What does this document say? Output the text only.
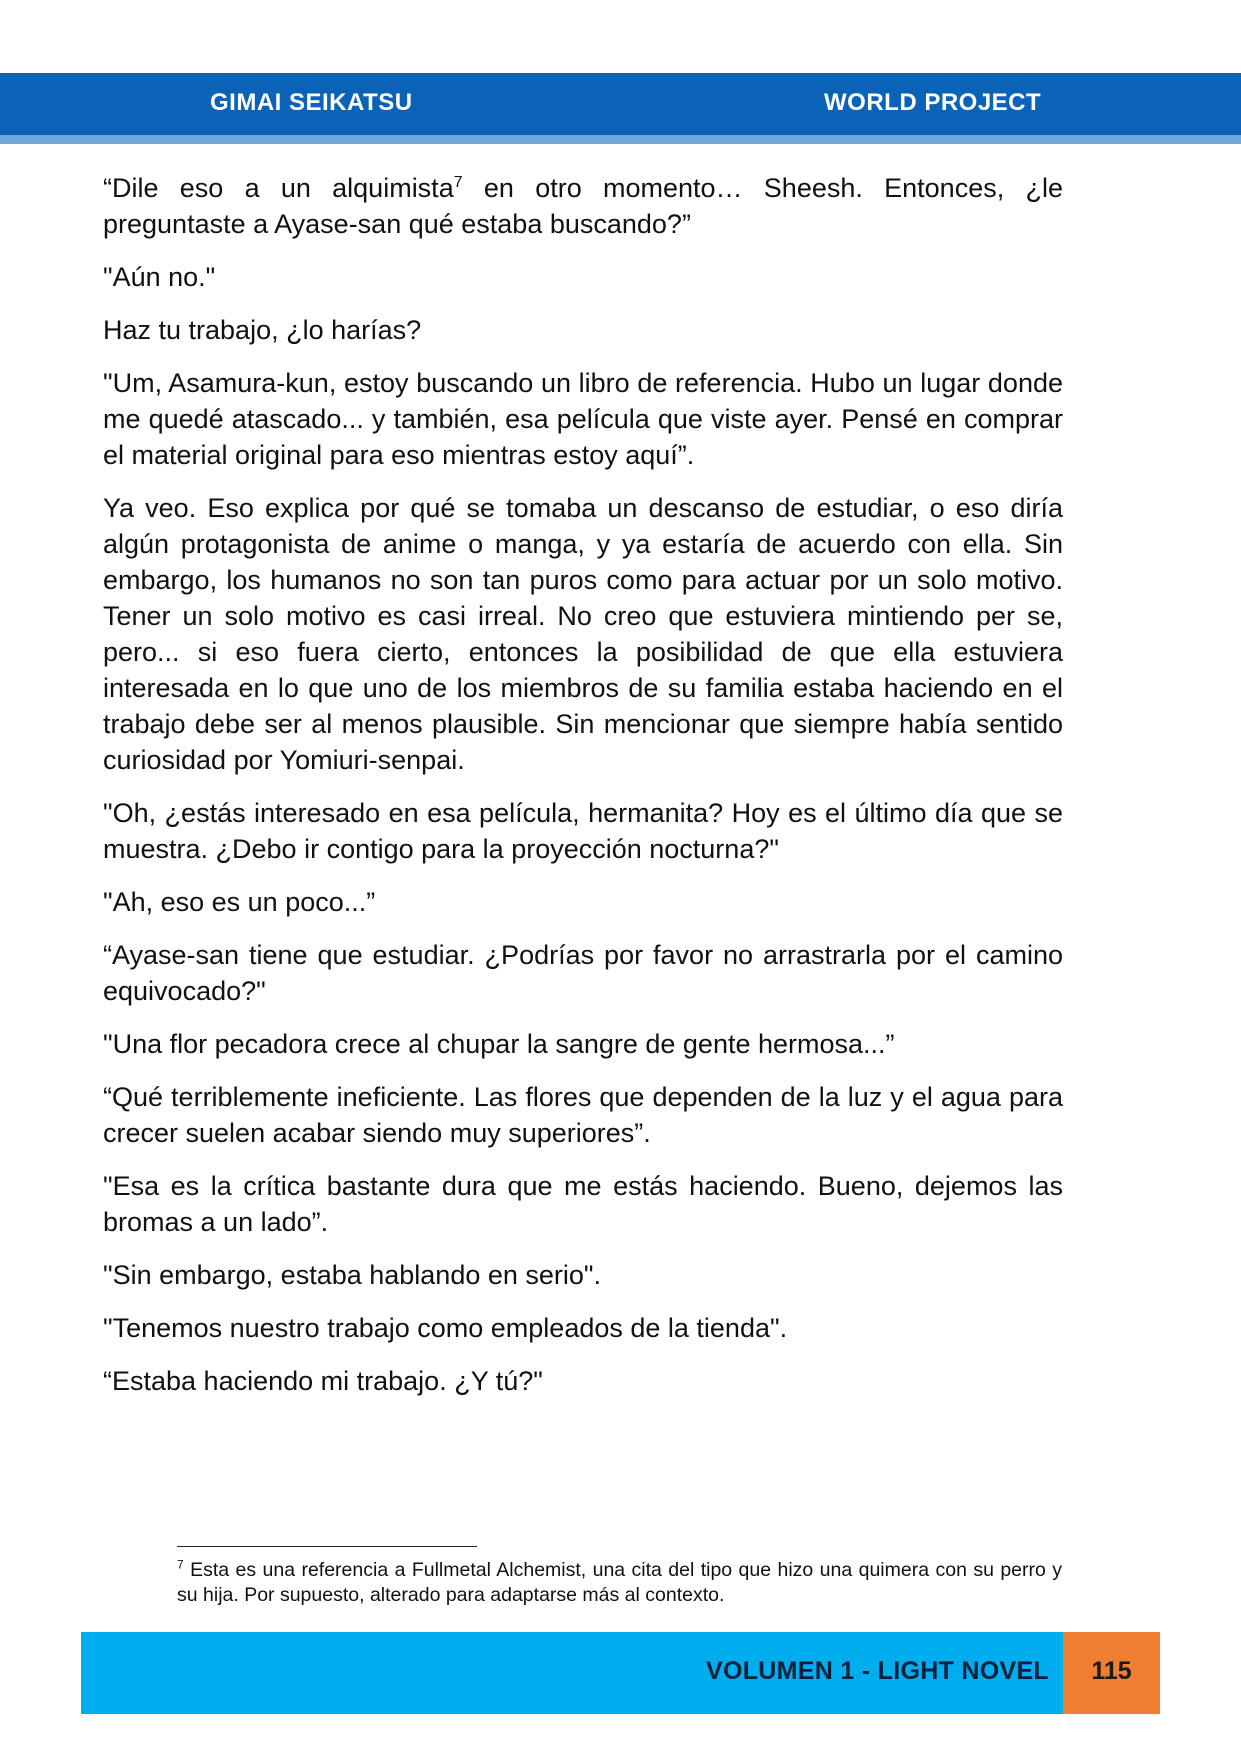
GIMAI SEIKATSU	WORLD PROJECT

“Dile eso a un alquimista$^7$ en otro momento… Sheesh. Entonces, ¿le preguntaste a Ayase-san qué estaba buscando?”

"Aún no."

Haz tu trabajo, ¿lo harías?

"Um, Asamura-kun, estoy buscando un libro de referencia. Hubo un lugar donde me quedé atascado... y también, esa película que viste ayer. Pensé en comprar el material original para eso mientras estoy aquí”.

Ya veo. Eso explica por qué se tomaba un descanso de estudiar, o eso diría algún protagonista de anime o manga, y ya estaría de acuerdo con ella. Sin embargo, los humanos no son tan puros como para actuar por un solo motivo. Tener un solo motivo es casi irreal. No creo que estuviera mintiendo per se, pero... si eso fuera cierto, entonces la posibilidad de que ella estuviera interesada en lo que uno de los miembros de su familia estaba haciendo en el trabajo debe ser al menos plausible. Sin mencionar que siempre había sentido curiosidad por Yomiuri-senpai.

"Oh, ¿estás interesado en esa película, hermanita? Hoy es el último día que se muestra. ¿Debo ir contigo para la proyección nocturna?"

"Ah, eso es un poco...”

“Ayase-san tiene que estudiar. ¿Podrías por favor no arrastrarla por el camino equivocado?"

"Una flor pecadora crece al chupar la sangre de gente hermosa...”

“Qué terriblemente ineficiente. Las flores que dependen de la luz y el agua para crecer suelen acabar siendo muy superiores”.

"Esa es la crítica bastante dura que me estás haciendo. Bueno, dejemos las bromas a un lado”.

"Sin embargo, estaba hablando en serio".

"Tenemos nuestro trabajo como empleados de la tienda".

“Estaba haciendo mi trabajo. ¿Y tú?"

$^7$ Esta es una referencia a Fullmetal Alchemist, una cita del tipo que hizo una quimera con su perro y su hija. Por supuesto, alterado para adaptarse más al contexto.
VOLUMEN 1 - LIGHT NOVEL	115
